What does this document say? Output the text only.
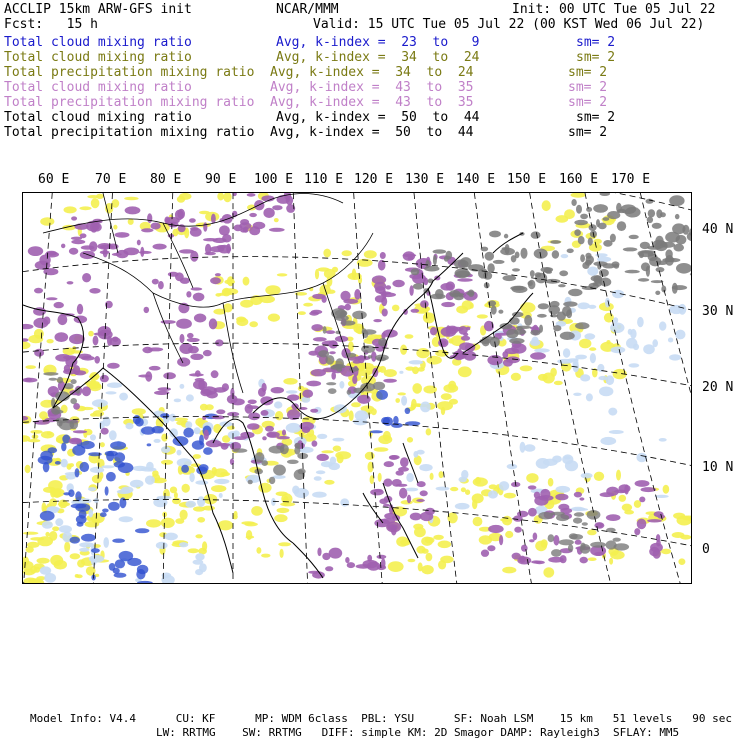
ACCLIP 15km ARW-GFS init	NCAR/MMM	Init: 00 UTC Tue 05 Jul 22
Fcst:   15 h	Valid: 15 UTC Tue 05 Jul 22 (00 KST Wed 06 Jul 22)
Total cloud mixing ratio	Avg, k-index =  23  to   9	sm= 2
Total cloud mixing ratio	Avg, k-index =  34  to  24	sm= 2
Total precipitation mixing ratio Avg, k-index =  34  to  24	sm= 2
Total cloud mixing ratio	Avg, k-index =  43  to  35	sm= 2
Total precipitation mixing ratio Avg, k-index =  43  to  35	sm= 2
Total cloud mixing ratio	Avg, k-index =  50  to  44	sm= 2
Total precipitation mixing ratio Avg, k-index =  50  to  44	sm= 2
60 E 70 E 80 E 90 E 100 E 110 E 120 E 130 E 140 E 150 E 160 E 170 E
40 N
30 N
20 N
10 N
0
Model Info: V4.4      CU: KF      MP: WDM 6class  PBL: YSU      SF: Noah LSM    15 km   51 levels   90 sec
LW: RRTMG    SW: RRTMG   DIFF: simple KM: 2D Smagor DAMP: Rayleigh3  SFLAY: MM5
